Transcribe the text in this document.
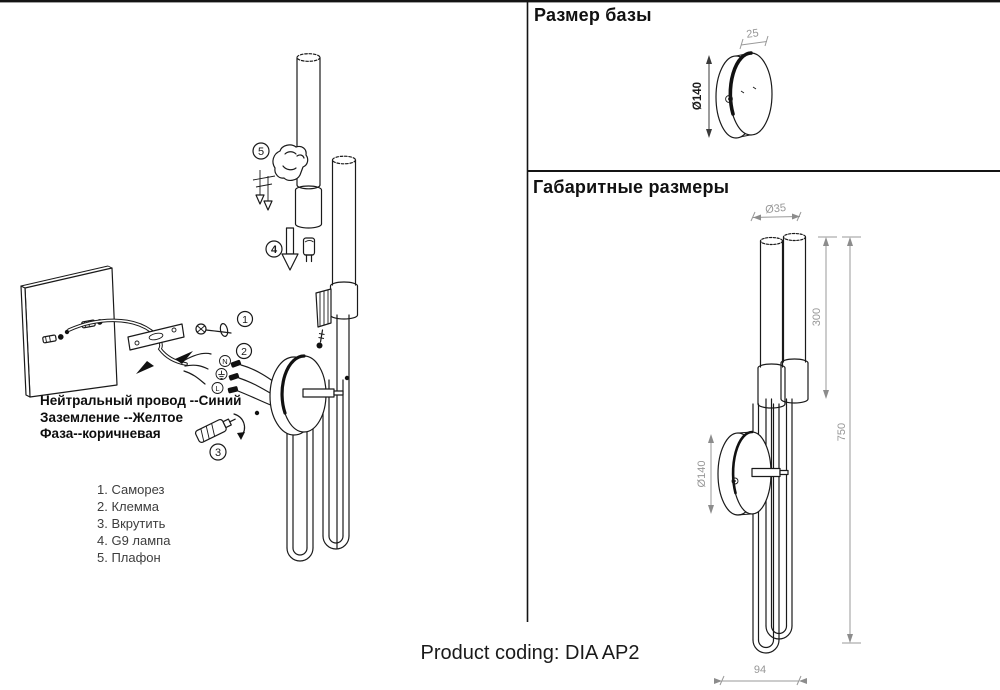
1
N
L
2
3
5
4
Ø140
25
Ø35
300
750
Ø140
94
Размер базы
Габаритные размеры
Нейтральный провод --Синий
Заземление --Желтое
Фаза--коричневая
1. Саморез
2. Клемма
3. Вкрутить
4. G9 лампа
5. Плафон
Product coding: DIA AP2
